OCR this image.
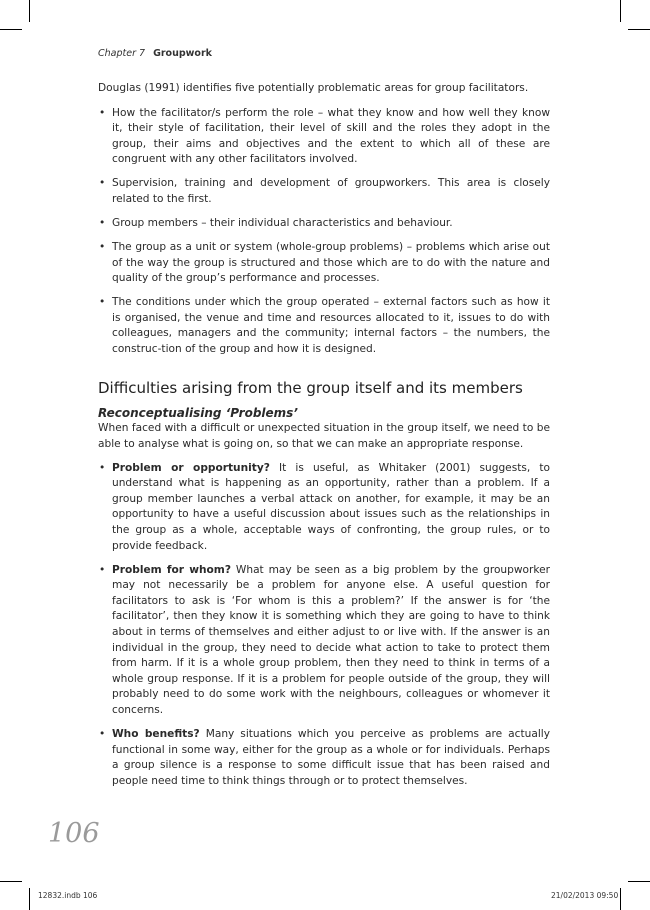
Chapter 7 Groupwork

Douglas (1991) identifies five potentially problematic areas for group facilitators.

• How the facilitator/s perform the role – what they know and how well they know it, their style of facilitation, their level of skill and the roles they adopt in the group, their aims and objectives and the extent to which all of these are congruent with any other facilitators involved.
• Supervision, training and development of groupworkers. This area is closely related to the first.
• Group members – their individual characteristics and behaviour.
• The group as a unit or system (whole-group problems) – problems which arise out of the way the group is structured and those which are to do with the nature and quality of the group’s performance and processes.
• The conditions under which the group operated – external factors such as how it is organised, the venue and time and resources allocated to it, issues to do with colleagues, managers and the community; internal factors – the numbers, the construc-tion of the group and how it is designed.
Difficulties arising from the group itself and its members
Reconceptualising ‘Problems’

When faced with a difficult or unexpected situation in the group itself, we need to be able to analyse what is going on, so that we can make an appropriate response.

• Problem or opportunity? It is useful, as Whitaker (2001) suggests, to understand what is happening as an opportunity, rather than a problem. If a group member launches a verbal attack on another, for example, it may be an opportunity to have a useful discussion about issues such as the relationships in the group as a whole, acceptable ways of confronting, the group rules, or to provide feedback.
• Problem for whom? What may be seen as a big problem by the groupworker may not necessarily be a problem for anyone else. A useful question for facilitators to ask is ‘For whom is this a problem?’ If the answer is for ‘the facilitator’, then they know it is something which they are going to have to think about in terms of themselves and either adjust to or live with. If the answer is an individual in the group, they need to decide what action to take to protect them from harm. If it is a whole group problem, then they need to think in terms of a whole group response. If it is a problem for people outside of the group, they will probably need to do some work with the neighbours, colleagues or whomever it concerns.
• Who benefits? Many situations which you perceive as problems are actually functional in some way, either for the group as a whole or for individuals. Perhaps a group silence is a response to some difficult issue that has been raised and people need time to think things through or to protect themselves.
106
12832.indb 106	21/02/2013 09:50
